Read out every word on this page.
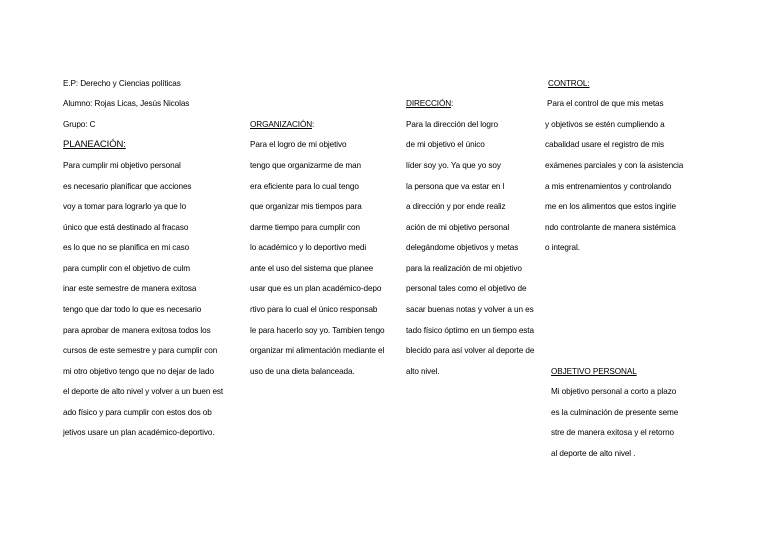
E.P: Derecho y Ciencias políticas
Alumno: Rojas Licas, Jesús Nicolas
Grupo: C
PLANEACIÓN:
Para cumplir mi objetivo personal
es necesario planificar que acciones
voy a tomar para lograrlo ya que lo
único que está destinado al fracaso
es lo que no se planifica en mi caso
para cumplir con el objetivo de culm
inar este semestre de manera exitosa
tengo que dar todo lo que es necesario
para aprobar de manera exitosa todos los
cursos de este semestre y para cumplir con
mi otro objetivo tengo que no dejar de lado
el deporte de alto nivel y volver a un buen est
ado físico y para cumplir con estos dos ob
jetivos usare un plan académico-deportivo.
ORGANIZACIÓN:
Para el logro de mi objetivo
tengo que organizarme de man
era eficiente para lo cual tengo
que organizar mis tiempos para
darme tiempo para cumplir con
lo académico y lo deportivo medi
ante el uso del sistema que planee
usar que es un plan académico-depo
rtivo para lo cual el único responsab
le para hacerlo soy yo. Tambien tengo
organizar mi alimentación mediante el
uso de una dieta balanceada.
DIRECCIÓN:
Para la dirección del logro
de mi objetivo el único
líder soy yo. Ya que yo soy
la persona que va estar en l
a dirección y por ende realiz
ación de mi objetivo personal
delegándome objetivos y metas
para la realización de mi objetivo
personal tales como el objetivo de
sacar buenas notas y volver a un es
tado físico óptimo en un tiempo esta
blecido para así volver al deporte de
alto nivel.
CONTROL:
Para el control de que mis metas
y objetivos se estén cumpliendo a
cabalidad usare el registro de mis
exámenes parciales y con la asistencia
a mis entrenamientos y controlando
me en los alimentos que estos ingirie
ndo controlante de manera sistémica
o integral.
OBJETIVO PERSONAL
Mi objetivo personal a corto a plazo
es la culminación de presente seme
stre de manera exitosa y el retorno
al deporte de alto nivel .
